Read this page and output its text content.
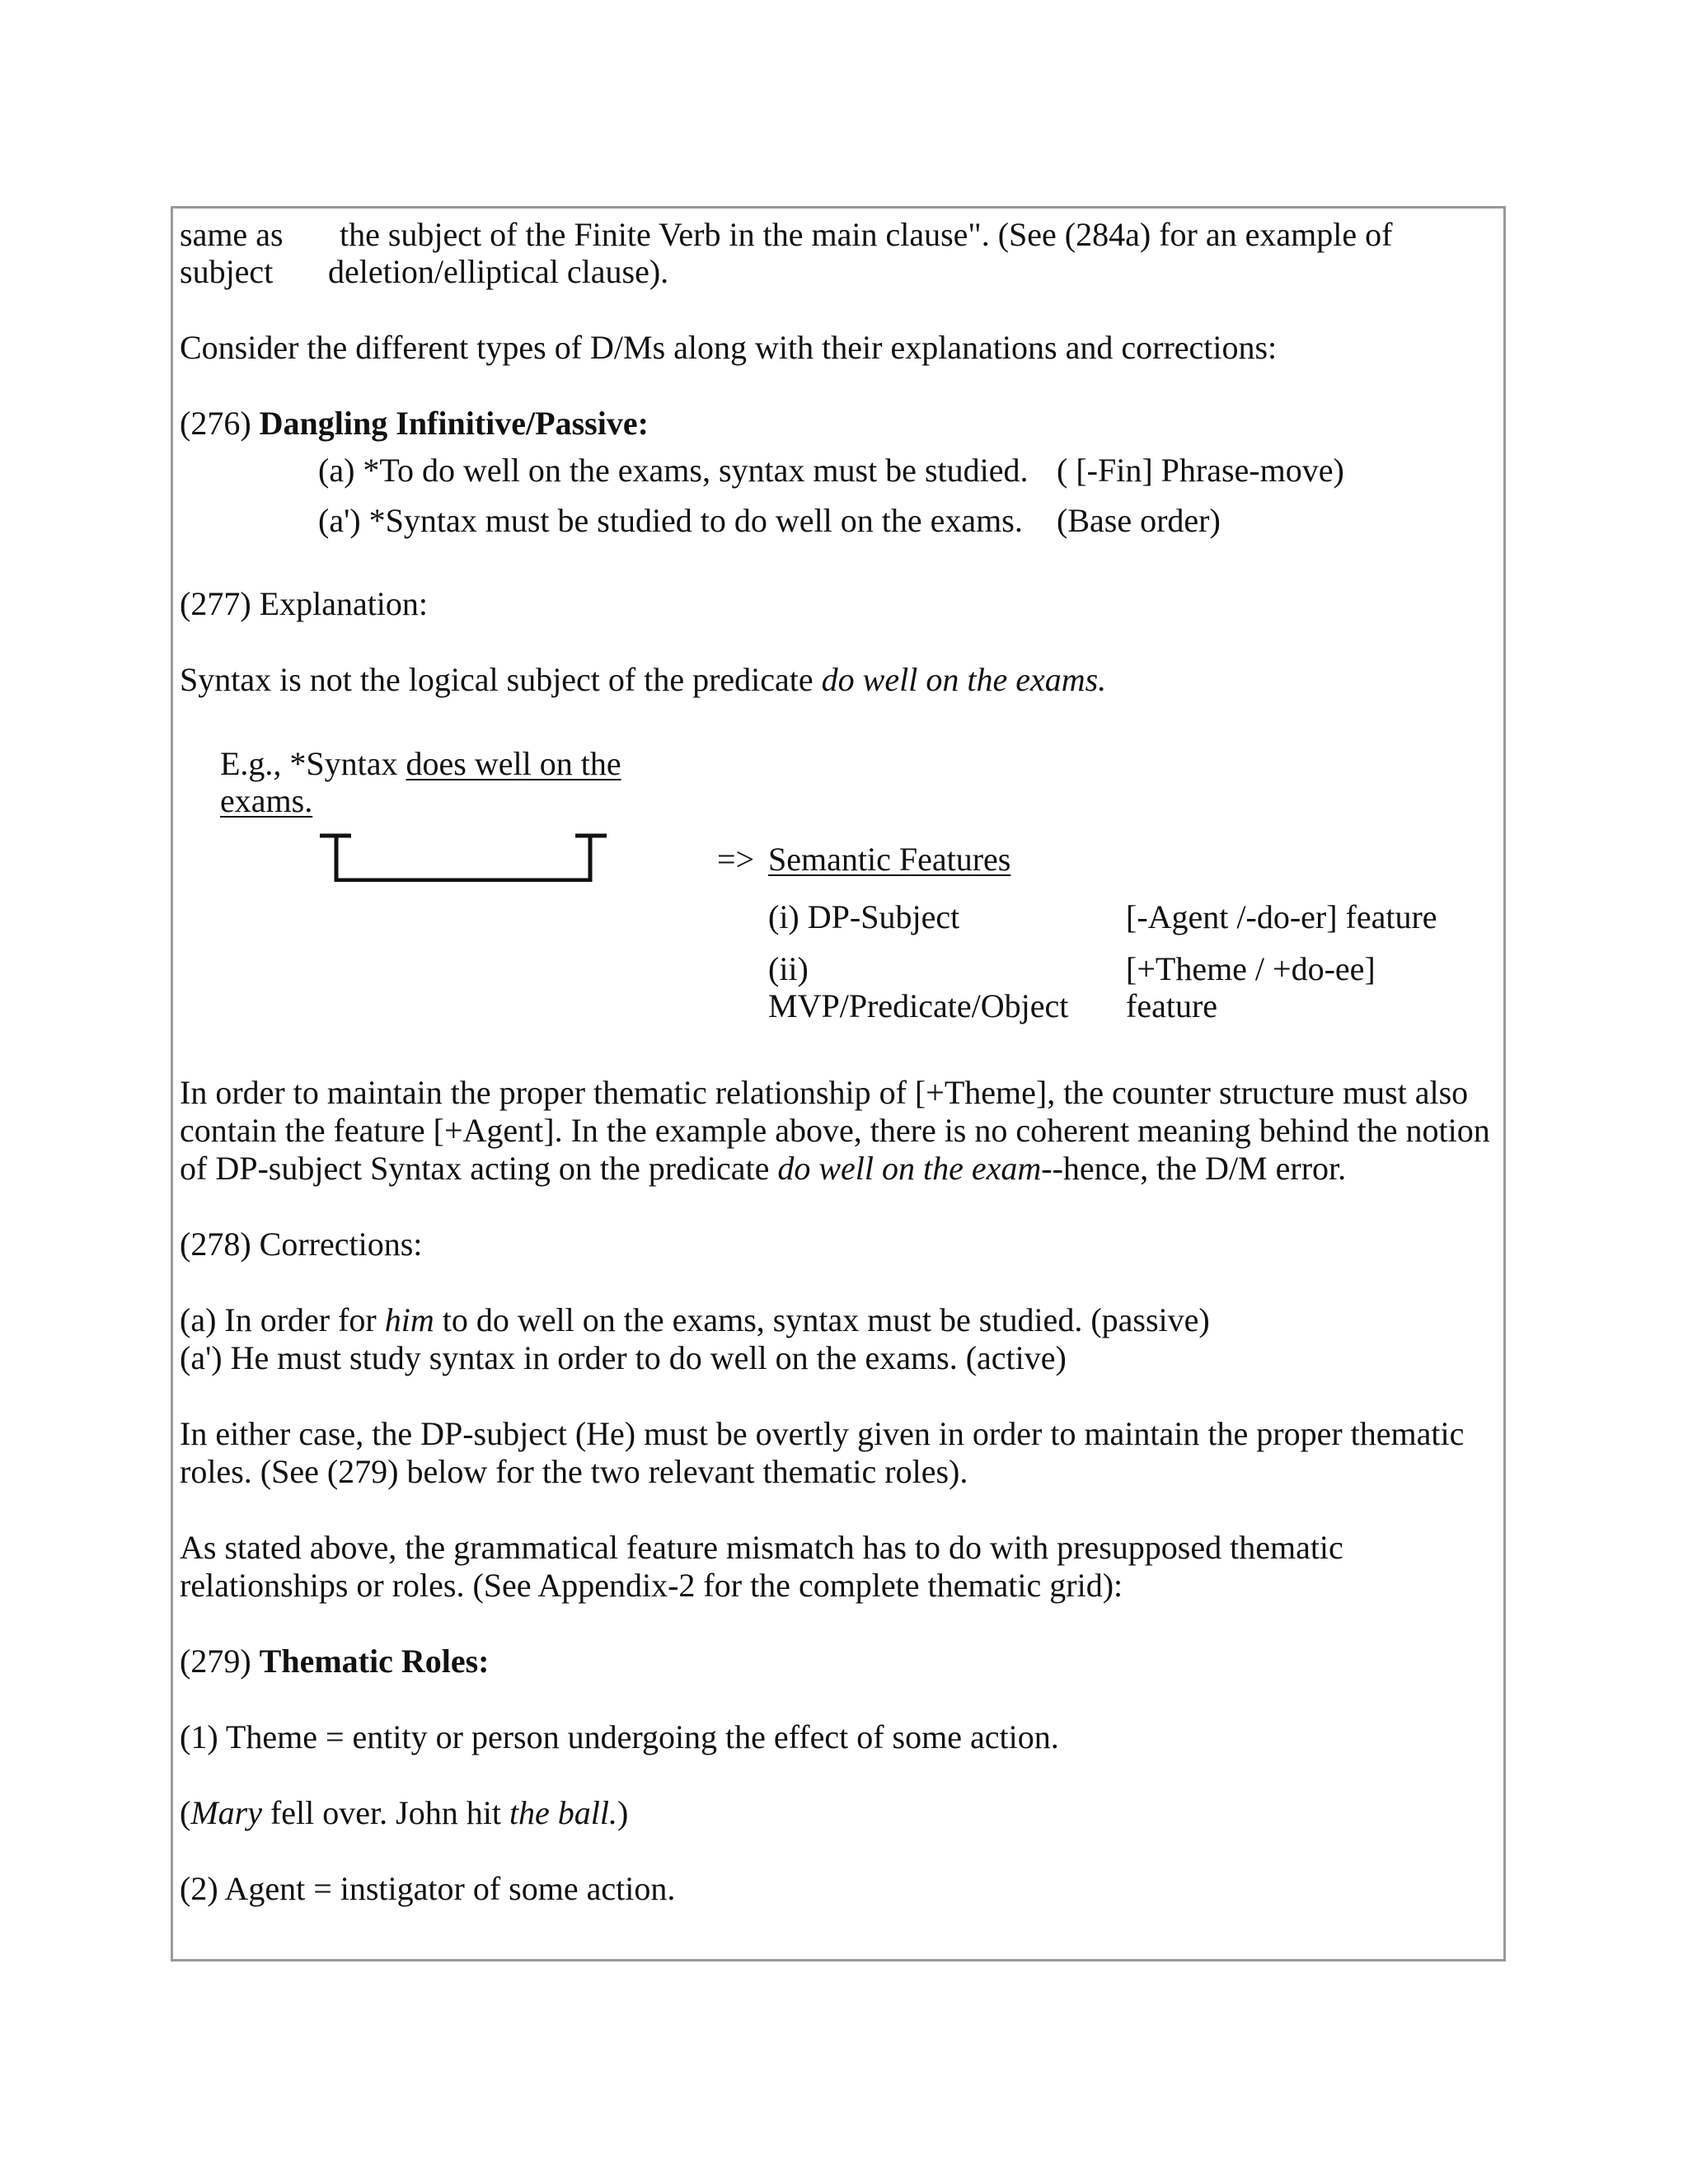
same as the subject of the Finite Verb in the main clause". (See (284a) for an example of
subject deletion/elliptical clause).
Consider the different types of D/Ms along with their explanations and corrections:
(276) Dangling Infinitive/Passive:
(a) *To do well on the exams, syntax must be studied. ( [-Fin] Phrase-move)
(a') *Syntax must be studied to do well on the exams. (Base order)
(277) Explanation:
Syntax is not the logical subject of the predicate do well on the exams.
E.g., *Syntax does well on the
exams.
=> Semantic Features
(i) DP-Subject	[-Agent /-do-er] feature
(ii)
MVP/Predicate/Object
[+Theme / +do-ee]
feature
In order to maintain the proper thematic relationship of [+Theme], the counter structure must also
contain the feature [+Agent]. In the example above, there is no coherent meaning behind the notion
of DP-subject Syntax acting on the predicate do well on the exam--hence, the D/M error.
(278) Corrections:
(a) In order for him to do well on the exams, syntax must be studied. (passive)
(a') He must study syntax in order to do well on the exams. (active)
In either case, the DP-subject (He) must be overtly given in order to maintain the proper thematic
roles. (See (279) below for the two relevant thematic roles).
As stated above, the grammatical feature mismatch has to do with presupposed thematic
relationships or roles. (See Appendix-2 for the complete thematic grid):
(279) Thematic Roles:
(1) Theme = entity or person undergoing the effect of some action.
(Mary fell over. John hit the ball.)
(2) Agent = instigator of some action.
